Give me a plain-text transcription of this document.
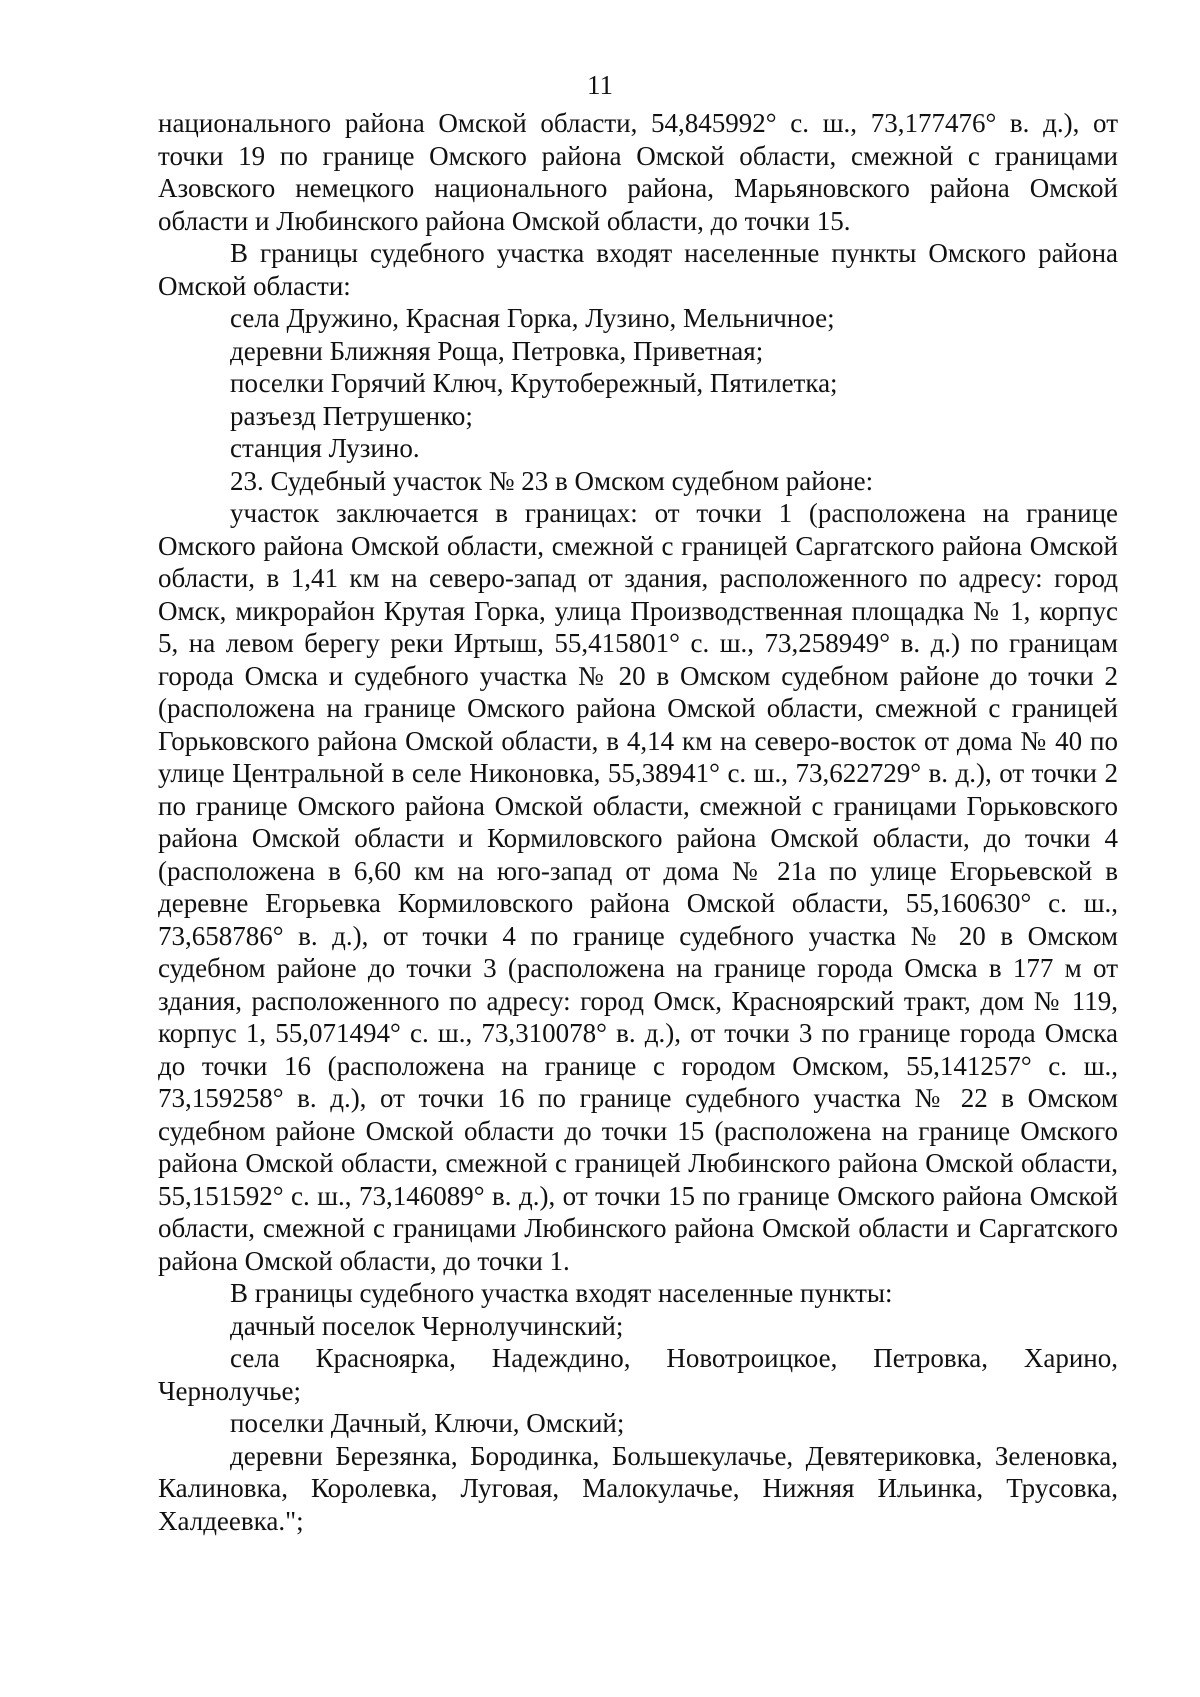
11

национального района Омской области, 54,845992° с. ш., 73,177476° в. д.), от точки 19 по границе Омского района Омской области, смежной с границами Азовского немецкого национального района, Марьяновского района Омской области и Любинского района Омской области, до точки 15.

В границы судебного участка входят населенные пункты Омского района Омской области:

села Дружино, Красная Горка, Лузино, Мельничное;

деревни Ближняя Роща, Петровка, Приветная;

поселки Горячий Ключ, Крутобережный, Пятилетка;

разъезд Петрушенко;

станция Лузино.

23. Судебный участок № 23 в Омском судебном районе:

участок заключается в границах: от точки 1 (расположена на границе Омского района Омской области, смежной с границей Саргатского района Омской области, в 1,41 км на северо-запад от здания, расположенного по адресу: город Омск, микрорайон Крутая Горка, улица Производственная площадка № 1, корпус 5, на левом берегу реки Иртыш, 55,415801° с. ш., 73,258949° в. д.) по границам города Омска и судебного участка № 20 в Омском судебном районе до точки 2 (расположена на границе Омского района Омской области, смежной с границей Горьковского района Омской области, в 4,14 км на северо-восток от дома № 40 по улице Центральной в селе Никоновка, 55,38941° с. ш., 73,622729° в. д.), от точки 2 по границе Омского района Омской области, смежной с границами Горьковского района Омской области и Кормиловского района Омской области, до точки 4 (расположена в 6,60 км на юго-запад от дома № 21а по улице Егорьевской в деревне Егорьевка Кормиловского района Омской области, 55,160630° с. ш., 73,658786° в. д.), от точки 4 по границе судебного участка № 20 в Омском судебном районе до точки 3 (расположена на границе города Омска в 177 м от здания, расположенного по адресу: город Омск, Красноярский тракт, дом № 119, корпус 1, 55,071494° с. ш., 73,310078° в. д.), от точки 3 по границе города Омска до точки 16 (расположена на границе с городом Омском, 55,141257° с. ш., 73,159258° в. д.), от точки 16 по границе судебного участка № 22 в Омском судебном районе Омской области до точки 15 (расположена на границе Омского района Омской области, смежной с границей Любинского района Омской области, 55,151592° с. ш., 73,146089° в. д.), от точки 15 по границе Омского района Омской области, смежной с границами Любинского района Омской области и Саргатского района Омской области, до точки 1.

В границы судебного участка входят населенные пункты:

дачный поселок Чернолучинский;

села Красноярка, Надеждино, Новотроицкое, Петровка, Харино, Чернолучье;

поселки Дачный, Ключи, Омский;

деревни Березянка, Бородинка, Большекулачье, Девятериковка, Зеленовка, Калиновка, Королевка, Луговая, Малокулачье, Нижняя Ильинка, Трусовка, Халдеевка.";
